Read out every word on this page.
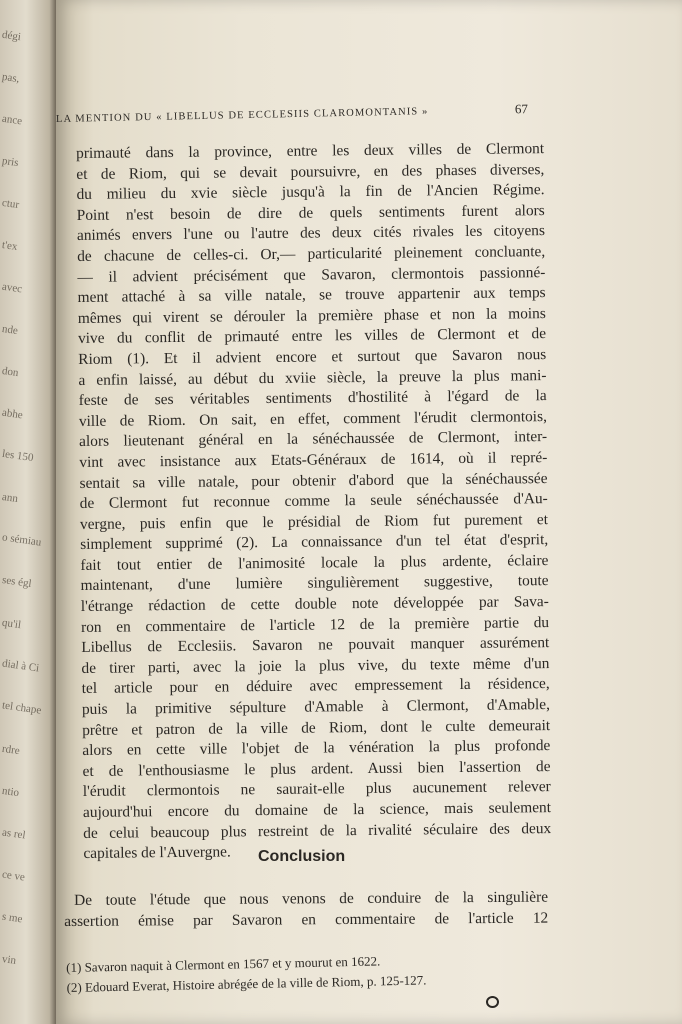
dégi
pas,
ance
pris
ctur
t'ex
avec
nde
don
abhe
les 150
ann
o sémiau
ses égl
qu'il
dial à Ci
tel chape
rdre
ntio
as rel
ce ve
s me
vin
LA MENTION DU « LIBELLUS DE ECCLESIIS CLAROMONTANIS »	67
primauté dans la province, entre les deux villes de Clermont
et de Riom, qui se devait poursuivre, en des phases diverses,
du milieu du xvie siècle jusqu'à la fin de l'Ancien Régime.
Point n'est besoin de dire de quels sentiments furent alors
animés envers l'une ou l'autre des deux cités rivales les citoyens
de chacune de celles-ci. Or,— particularité pleinement concluante,
— il advient précisément que Savaron, clermontois passionné-
ment attaché à sa ville natale, se trouve appartenir aux temps
mêmes qui virent se dérouler la première phase et non la moins
vive du conflit de primauté entre les villes de Clermont et de
Riom (1). Et il advient encore et surtout que Savaron nous
a enfin laissé, au début du xviie siècle, la preuve la plus mani-
feste de ses véritables sentiments d'hostilité à l'égard de la
ville de Riom. On sait, en effet, comment l'érudit clermontois,
alors lieutenant général en la sénéchaussée de Clermont, inter-
vint avec insistance aux Etats-Généraux de 1614, où il repré-
sentait sa ville natale, pour obtenir d'abord que la sénéchaussée
de Clermont fut reconnue comme la seule sénéchaussée d'Au-
vergne, puis enfin que le présidial de Riom fut purement et
simplement supprimé (2). La connaissance d'un tel état d'esprit,
fait tout entier de l'animosité locale la plus ardente, éclaire
maintenant, d'une lumière singulièrement suggestive, toute
l'étrange rédaction de cette double note développée par Sava-
ron en commentaire de l'article 12 de la première partie du
Libellus de Ecclesiis. Savaron ne pouvait manquer assurément
de tirer parti, avec la joie la plus vive, du texte même d'un
tel article pour en déduire avec empressement la résidence,
puis la primitive sépulture d'Amable à Clermont, d'Amable,
prêtre et patron de la ville de Riom, dont le culte demeurait
alors en cette ville l'objet de la vénération la plus profonde
et de l'enthousiasme le plus ardent. Aussi bien l'assertion de
l'érudit clermontois ne saurait-elle plus aucunement relever
aujourd'hui encore du domaine de la science, mais seulement
de celui beaucoup plus restreint de la rivalité séculaire des deux
capitales de l'Auvergne.	Conclusion
De toute l'étude que nous venons de conduire de la singulière
assertion émise par Savaron en commentaire de l'article 12
(1) Savaron naquit à Clermont en 1567 et y mourut en 1622.
(2) Edouard Everat, Histoire abrégée de la ville de Riom, p. 125-127.
